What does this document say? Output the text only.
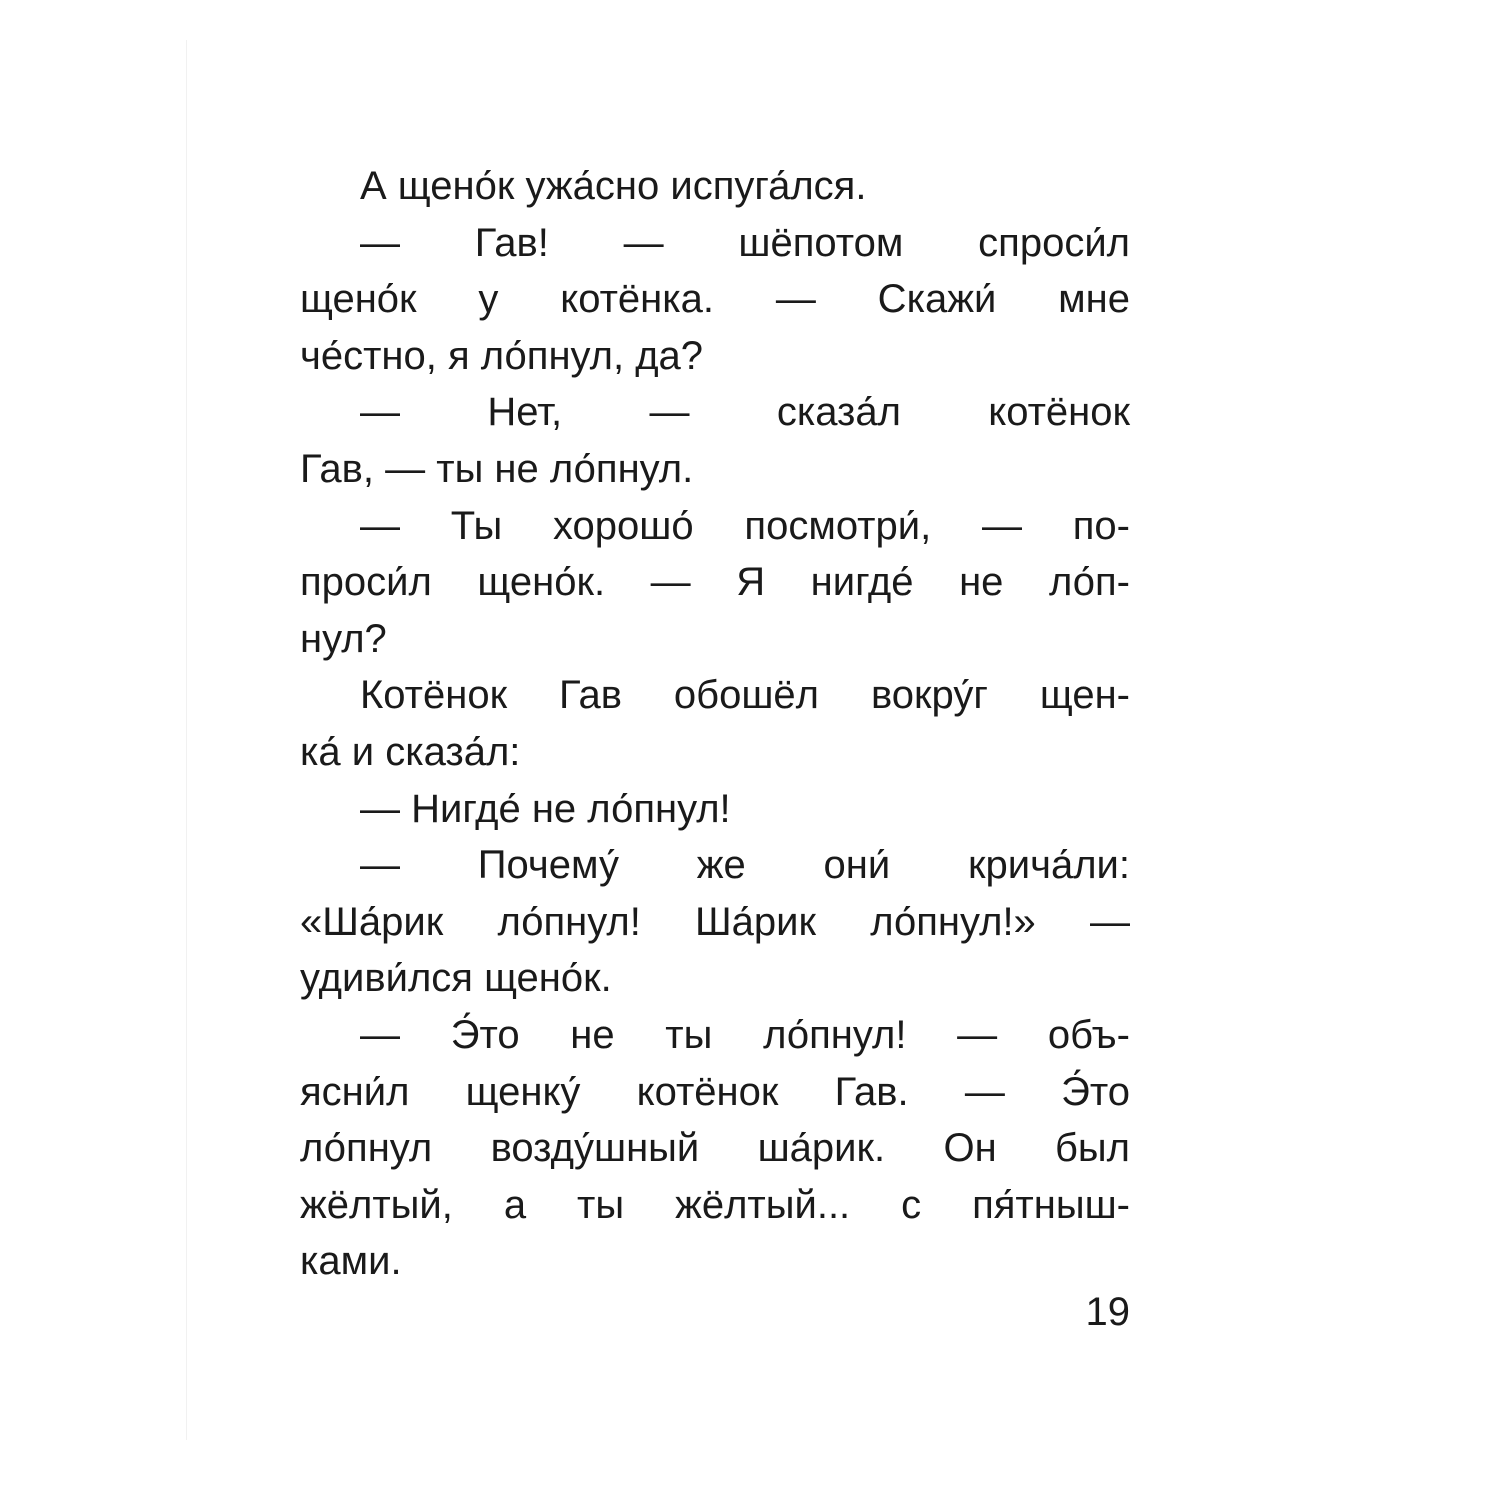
А щено́к ужа́сно испуга́лся.
— Гав! — шёпотом спроси́л
щено́к у котёнка. — Скажи́ мне
че́стно, я ло́пнул, да?
— Нет, — сказа́л котёнок
Гав, — ты не ло́пнул.
— Ты хорошо́ посмотри́, — по-
проси́л щено́к. — Я нигде́ не ло́п-
нул?
Котёнок Гав обошёл вокру́г щен-
ка́ и сказа́л:
— Нигде́ не ло́пнул!
— Почему́ же они́ крича́ли:
«Ша́рик ло́пнул! Ша́рик ло́пнул!» —
удиви́лся щено́к.
— Э́то не ты ло́пнул! — объ-
ясни́л щенку́ котёнок Гав. — Э́то
ло́пнул возду́шный ша́рик. Он был
жёлтый, а ты жёлтый... с пя́тныш-
ками.
19
